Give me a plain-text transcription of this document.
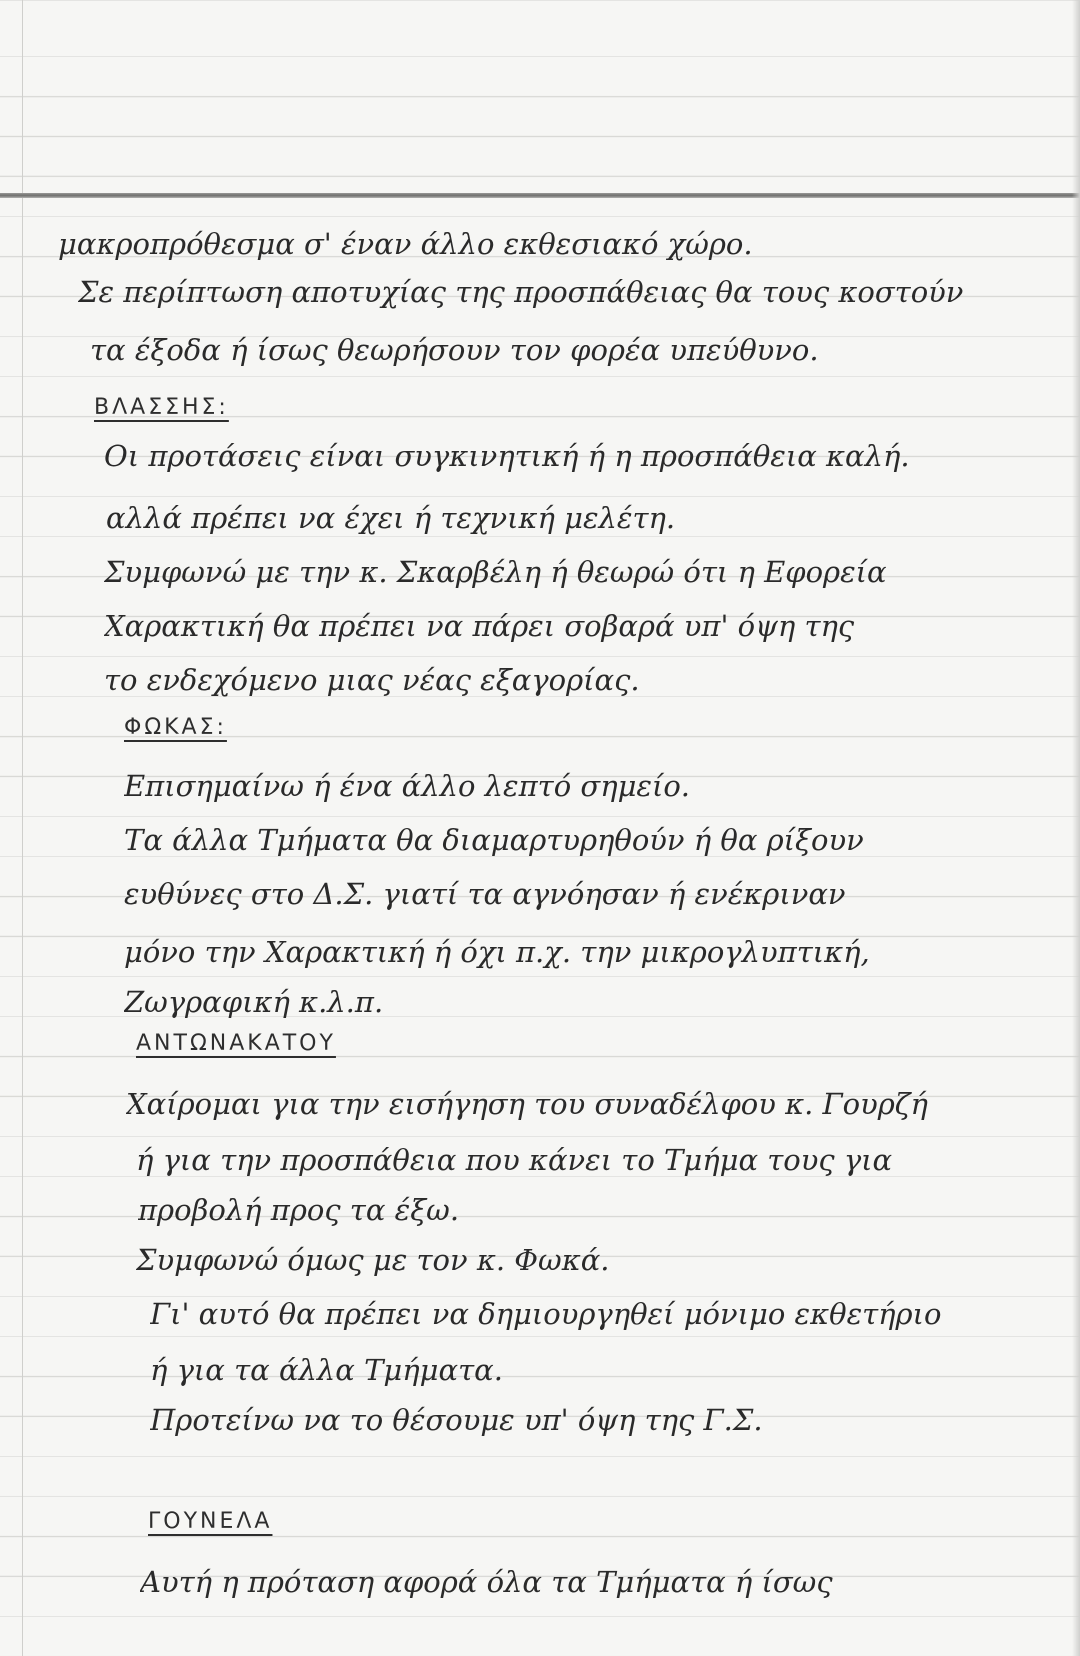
μακροπρόθεσμα σ' έναν άλλο εκθεσιακό χώρο.
Σε περίπτωση αποτυχίας της προσπάθειας θα τους κοστούν
τα έξοδα ή ίσως θεωρήσουν τον φορέα υπεύθυνο.
ΒΛΑΣΣΗΣ:
Οι προτάσεις είναι συγκινητική ή η προσπάθεια καλή.
αλλά πρέπει να έχει ή τεχνική μελέτη.
Συμφωνώ με την κ. Σκαρβέλη ή θεωρώ ότι η Εφορεία
Χαρακτική θα πρέπει να πάρει σοβαρά υπ' όψη της
το ενδεχόμενο μιας νέας εξαγορίας.
ΦΩΚΑΣ:
Επισημαίνω ή ένα άλλο λεπτό σημείο.
Τα άλλα Τμήματα θα διαμαρτυρηθούν ή θα ρίξουν
ευθύνες στο Δ.Σ. γιατί τα αγνόησαν ή ενέκριναν
μόνο την Χαρακτική ή όχι π.χ. την μικρογλυπτική,
Ζωγραφική κ.λ.π.
ΑΝΤΩΝΑΚΑΤΟΥ
Χαίρομαι για την εισήγηση του συναδέλφου κ. Γουρζή
ή για την προσπάθεια που κάνει το Τμήμα τους για
προβολή προς τα έξω.
Συμφωνώ όμως με τον κ. Φωκά.
Γι' αυτό θα πρέπει να δημιουργηθεί μόνιμο εκθετήριο
ή για τα άλλα Τμήματα.
Προτείνω να το θέσουμε υπ' όψη της Γ.Σ.
ΓΟΥΝΕΛΑ
Αυτή η πρόταση αφορά όλα τα Τμήματα ή ίσως
